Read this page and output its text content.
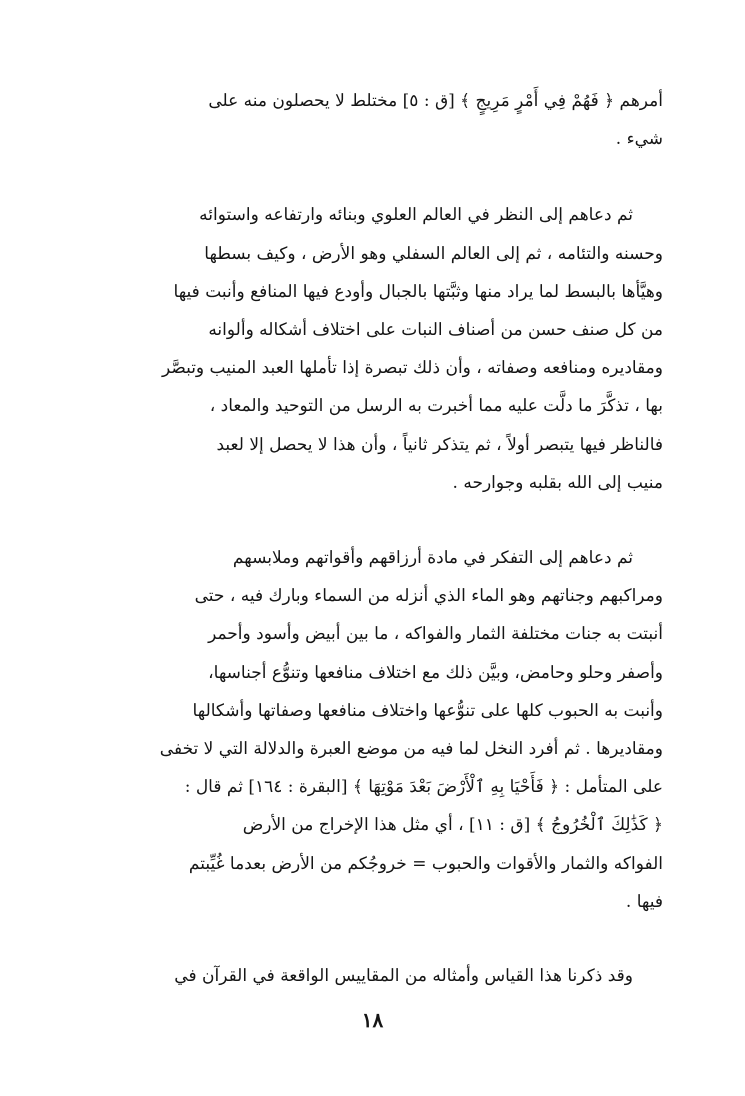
أمرهم ﴿ فَهُمْ فِي أَمْرٍ مَرِيجٍ ﴾ [ق : ٥] مختلط لا يحصلون منه على

شيء .

ثم دعاهم إلى النظر في العالم العلوي وبنائه وارتفاعه واستوائه

وحسنه والتئامه ، ثم إلى العالم السفلي وهو الأرض ، وكيف بسطها

وهيَّأها بالبسط لما يراد منها وثبَّتها بالجبال وأودع فيها المنافع وأنبت فيها

من كل صنف حسن من أصناف النبات على اختلاف أشكاله وألوانه

ومقاديره ومنافعه وصفاته ، وأن ذلك تبصرة إذا تأملها العبد المنيب وتبصَّر

بها ، تذكَّرَ ما دلَّت عليه مما أخبرت به الرسل من التوحيد والمعاد ،

فالناظر فيها يتبصر أولاً ، ثم يتذكر ثانياً ، وأن هذا لا يحصل إلا لعبد

منيب إلى الله بقلبه وجوارحه .

ثم دعاهم إلى التفكر في مادة أرزاقهم وأقواتهم وملابسهم

ومراكبهم وجناتهم وهو الماء الذي أنزله من السماء وبارك فيه ، حتى

أنبتت به جنات مختلفة الثمار والفواكه ، ما بين أبيض وأسود وأحمر

وأصفر وحلو وحامض، وبيَّن ذلك مع اختلاف منافعها وتنوُّع أجناسها،

وأنبت به الحبوب كلها على تنوُّعها واختلاف منافعها وصفاتها وأشكالها

ومقاديرها . ثم أفرد النخل لما فيه من موضع العبرة والدلالة التي لا تخفى

على المتأمل : ﴿ فَأَحْيَا بِهِ ٱلْأَرْضَ بَعْدَ مَوْتِهَا ﴾ [البقرة : ١٦٤] ثم قال :

﴿ كَذَٰلِكَ ٱلْخُرُوجُ ﴾ [ق : ١١] ، أي مثل هذا الإخراج من الأرض

الفواكه والثمار والأقوات والحبوب = خروجُكم من الأرض بعدما غُيِّبتم

فيها .

وقد ذكرنا هذا القياس وأمثاله من المقاييس الواقعة في القرآن في

١٨
